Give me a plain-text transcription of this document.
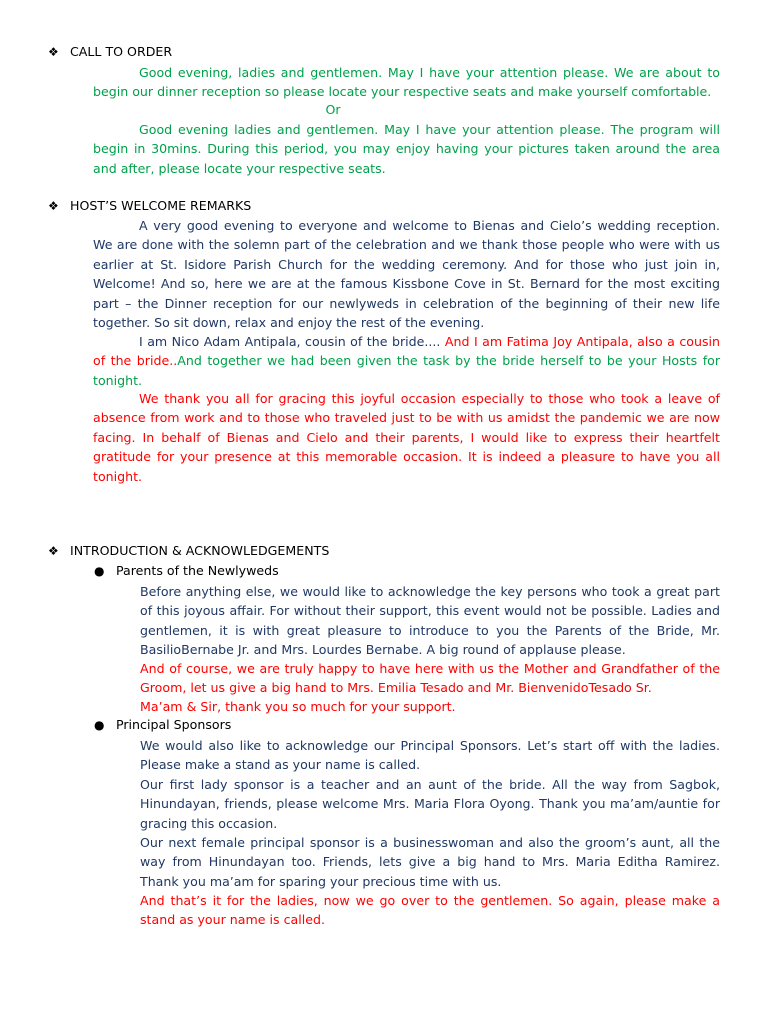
❖ CALL TO ORDER
Good evening, ladies and gentlemen. May I have your attention please. We are about to begin our dinner reception so please locate your respective seats and make yourself comfortable.
Or
Good evening ladies and gentlemen. May I have your attention please. The program will begin in 30mins. During this period, you may enjoy having your pictures taken around the area and after, please locate your respective seats.
❖ HOST’S WELCOME REMARKS
A very good evening to everyone and welcome to Bienas and Cielo’s wedding reception. We are done with the solemn part of the celebration and we thank those people who were with us earlier at St. Isidore Parish Church for the wedding ceremony. And for those who just join in, Welcome! And so, here we are at the famous Kissbone Cove in St. Bernard for the most exciting part – the Dinner reception for our newlyweds in celebration of the beginning of their new life together. So sit down, relax and enjoy the rest of the evening.
I am Nico Adam Antipala, cousin of the bride.... And I am Fatima Joy Antipala, also a cousin of the bride..And together we had been given the task by the bride herself to be your Hosts for tonight.
We thank you all for gracing this joyful occasion especially to those who took a leave of absence from work and to those who traveled just to be with us amidst the pandemic we are now facing. In behalf of Bienas and Cielo and their parents, I would like to express their heartfelt gratitude for your presence at this memorable occasion. It is indeed a pleasure to have you all tonight.
❖ INTRODUCTION & ACKNOWLEDGEMENTS
● Parents of the Newlyweds
Before anything else, we would like to acknowledge the key persons who took a great part of this joyous affair. For without their support, this event would not be possible. Ladies and gentlemen, it is with great pleasure to introduce to you the Parents of the Bride, Mr. BasilioBernabe Jr. and Mrs. Lourdes Bernabe. A big round of applause please.
And of course, we are truly happy to have here with us the Mother and Grandfather of the Groom, let us give a big hand to Mrs. Emilia Tesado and Mr. BienvenidoTesado Sr.
Ma’am & Sir, thank you so much for your support.
● Principal Sponsors
We would also like to acknowledge our Principal Sponsors. Let’s start off with the ladies. Please make a stand as your name is called.
Our first lady sponsor is a teacher and an aunt of the bride. All the way from Sagbok, Hinundayan, friends, please welcome Mrs. Maria Flora Oyong. Thank you ma’am/auntie for gracing this occasion.
Our next female principal sponsor is a businesswoman and also the groom’s aunt, all the way from Hinundayan too. Friends, lets give a big hand to Mrs. Maria Editha Ramirez. Thank you ma’am for sparing your precious time with us.
And that’s it for the ladies, now we go over to the gentlemen. So again, please make a stand as your name is called.
